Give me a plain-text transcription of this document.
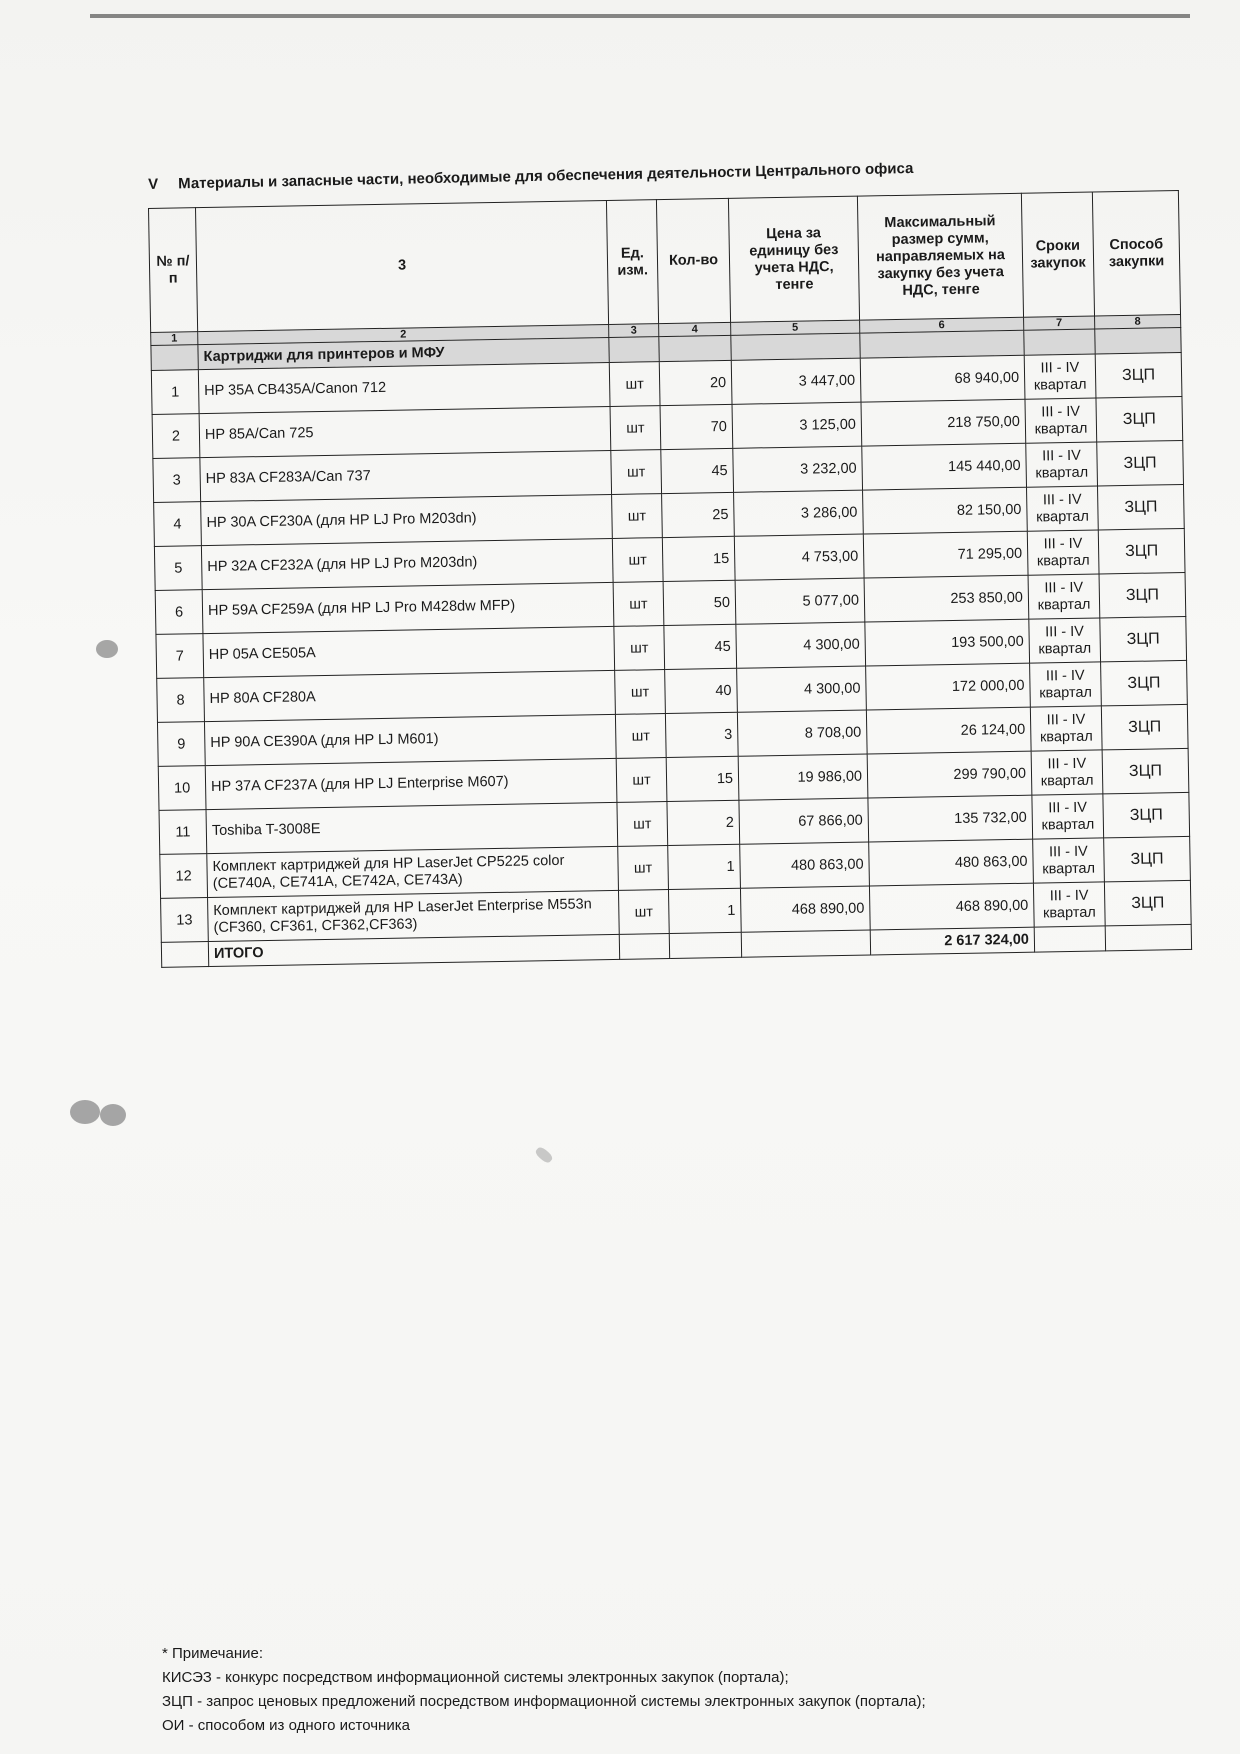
V Материалы и запасные части, необходимые для обеспечения деятельности Центрального офиса
№ п/п	3	Ед. изм.	Кол-во	Цена за единицу без учета НДС, тенге	Максимальный размер сумм, направляемых на закупку без учета НДС, тенге	Сроки закупок	Способ закупки
1	2	3	4	5	6	7	8
	Картриджи для принтеров и МФУ						
1	HP 35A CB435A/Canon 712	шт	20	3 447,00	68 940,00	III - IV квартал	ЗЦП
2	HP 85A/Can 725	шт	70	3 125,00	218 750,00	III - IV квартал	ЗЦП
3	HP 83A CF283A/Can 737	шт	45	3 232,00	145 440,00	III - IV квартал	ЗЦП
4	HP 30A CF230A (для HP LJ Pro M203dn)	шт	25	3 286,00	82 150,00	III - IV квартал	ЗЦП
5	HP 32A CF232A (для HP LJ Pro M203dn)	шт	15	4 753,00	71 295,00	III - IV квартал	ЗЦП
6	HP 59A CF259A (для HP LJ Pro M428dw MFP)	шт	50	5 077,00	253 850,00	III - IV квартал	ЗЦП
7	HP 05A CE505A	шт	45	4 300,00	193 500,00	III - IV квартал	ЗЦП
8	HP 80A CF280A	шт	40	4 300,00	172 000,00	III - IV квартал	ЗЦП
9	HP 90A CE390A (для HP LJ M601)	шт	3	8 708,00	26 124,00	III - IV квартал	ЗЦП
10	HP 37A CF237A (для HP LJ Enterprise M607)	шт	15	19 986,00	299 790,00	III - IV квартал	ЗЦП
11	Toshiba T-3008E	шт	2	67 866,00	135 732,00	III - IV квартал	ЗЦП
12	Комплект картриджей для HP LaserJet CP5225 color (CE740A, CE741A, CE742A, CE743A)	шт	1	480 863,00	480 863,00	III - IV квартал	ЗЦП
13	Комплект картриджей для HP LaserJet Enterprise M553n (CF360, CF361, CF362,CF363)	шт	1	468 890,00	468 890,00	III - IV квартал	ЗЦП
	ИТОГО				2 617 324,00		
* Примечание:
КИСЭЗ - конкурс посредством информационной системы электронных закупок (портала);
ЗЦП - запрос ценовых предложений посредством информационной системы электронных закупок (портала);
ОИ - способом из одного источника
